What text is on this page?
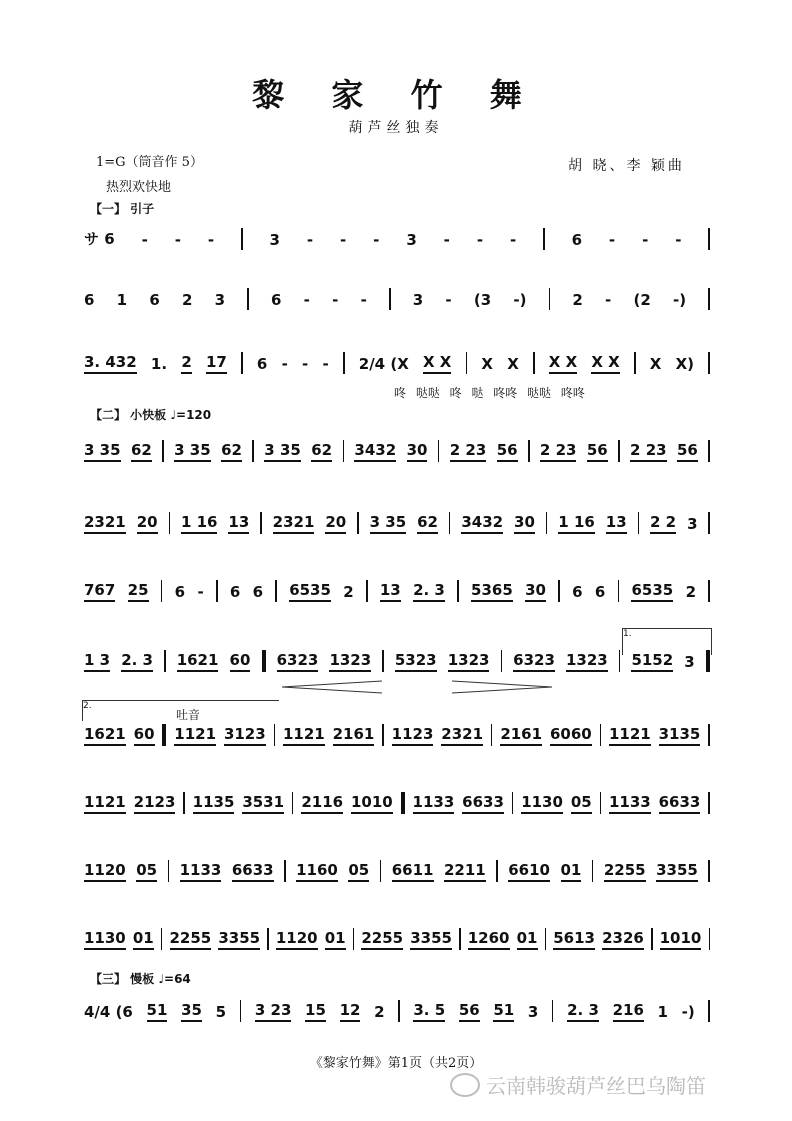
黎 家 竹 舞
葫芦丝独奏
1=G（筒音作 5）
热烈欢快地
胡 晓、李 颖曲
【一】 引子
【二】 小快板 ♩=120
【三】 慢板 ♩=64
サ 6 - - -	3 - - - 3 - - -	6 - - -
6 1 6 2 3	6 - - -	3 - (3 -)	2 - (2 -)
3. 432 1. 2 17 6 - - - 2/4 (X X X X X X X X X X X)
咚 哒哒 咚 哒 咚咚 哒哒 咚咚
3 35 62 3 35 62 3 35 62 3432 30 2 23 56 2 23 56 2 23 56
2321 20 1 16 13 2321 20 3 35 62 3432 30 1 16 13 2 2 3
767 25 6 - 6 6 6535 2 13 2. 3 5365 30 6 6 6535 2
1.
1 3 2. 3 1621 60 6323 1323 5323 1323 6323 1323 5152 3
2.
吐音
1621 60 1121 3123 1121 2161 1123 2321 2161 6060 1121 3135
1121 2123 1135 3531 2116 1010 1133 6633 1130 05 1133 6633
1120 05 1133 6633 1160 05 6611 2211 6610 01 2255 3355
1130 01 2255 3355 1120 01 2255 3355 1260 01 5613 2326 1010
4/4 (6 51 35 5 3 23 15 12 2 3. 5 56 51 3 2. 3 216 1 -)
《黎家竹舞》第1页（共2页）
云南韩骏葫芦丝巴乌陶笛
